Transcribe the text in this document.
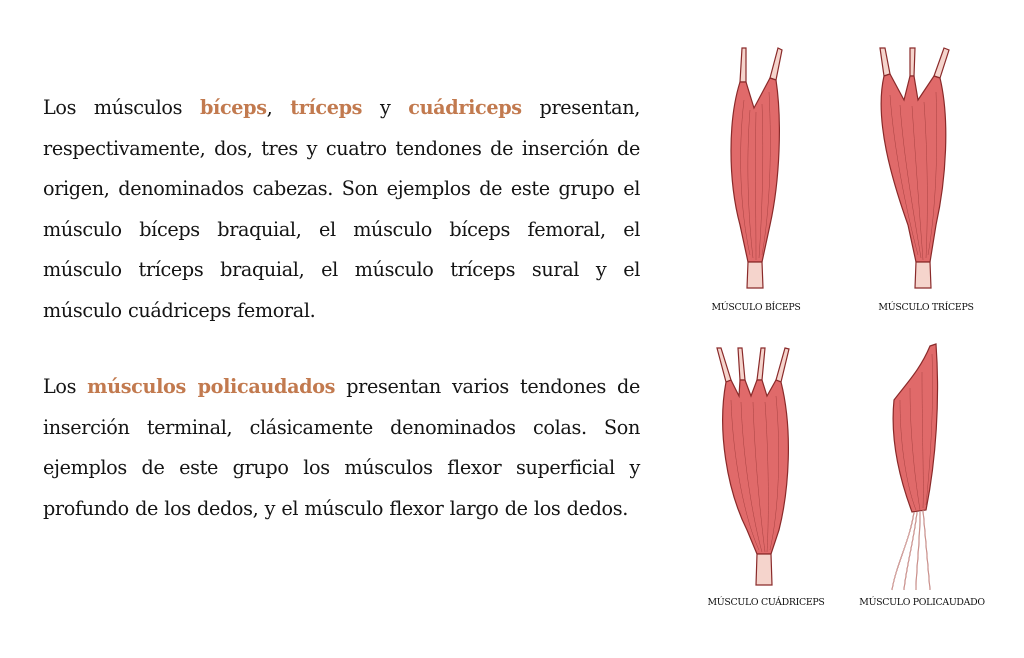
Los músculos bíceps, tríceps y cuádriceps presentan, respectivamente, dos, tres y cuatro tendones de inserción de origen, denominados cabezas. Son ejemplos de este grupo el músculo bíceps braquial, el músculo bíceps femoral, el músculo tríceps braquial, el músculo tríceps sural y el músculo cuádriceps femoral.
Los músculos policaudados presentan varios tendones de inserción terminal, clásicamente denominados colas. Son ejemplos de este grupo los músculos flexor superficial y profundo de los dedos, y el músculo flexor largo de los dedos.
MÚSCULO BÍCEPS	MÚSCULO TRÍCEPS
MÚSCULO CUÁDRICEPS	MÚSCULO POLICAUDADO
